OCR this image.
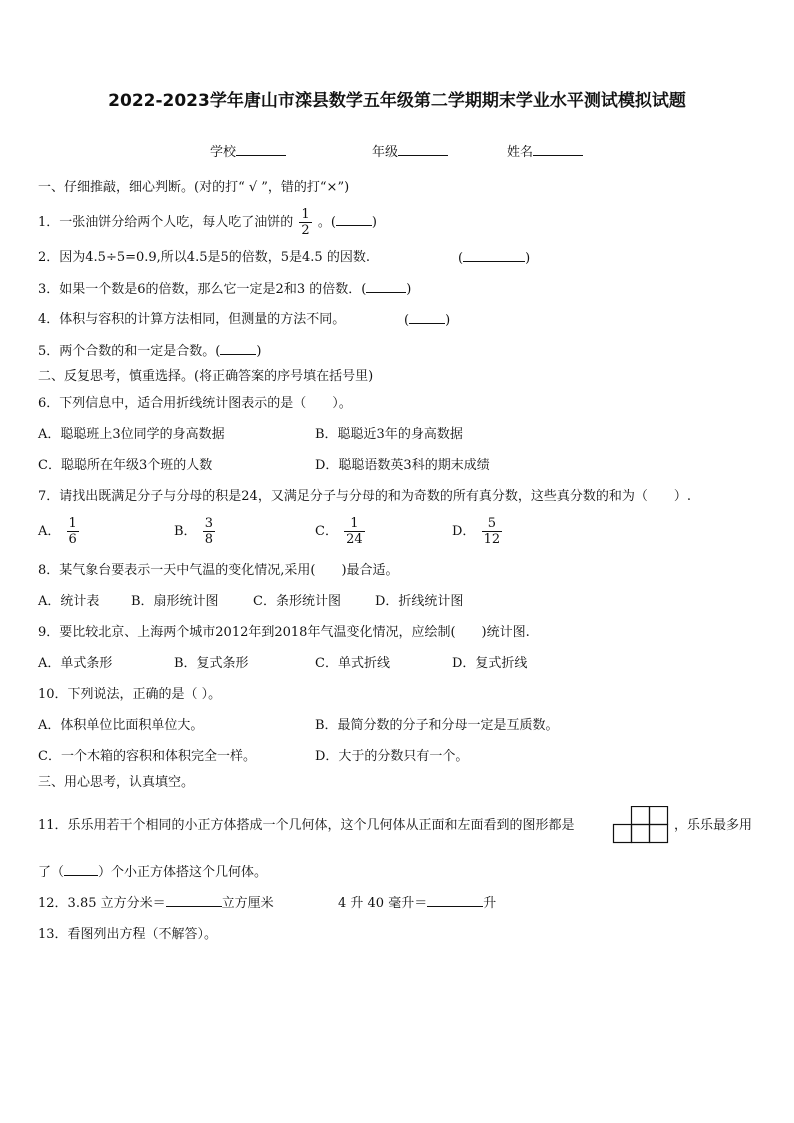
2022-2023学年唐山市滦县数学五年级第二学期期末学业水平测试模拟试题
学校	年级	姓名
一、仔细推敲，细心判断。(对的打“ √ ”，错的打“×”)
1．一张油饼分给两个人吃，每人吃了油饼的 $\frac{1}{2}$ 。(	)
2．因为4.5÷5=0.9,所以4.5是5的倍数，5是4.5 的因数.	(	)
3．如果一个数是6的倍数，那么它一定是2和3 的倍数．(	)
4．体积与容积的计算方法相同，但测量的方法不同。	(	)
5．两个合数的和一定是合数。(	)
二、反复思考，慎重选择。(将正确答案的序号填在括号里)
6．下列信息中，适合用折线统计图表示的是（　　）。
A．聪聪班上3位同学的身高数据	B．聪聪近3年的身高数据
C．聪聪所在年级3个班的人数	D．聪聪语数英3科的期末成绩
7．请找出既满足分子与分母的积是24，又满足分子与分母的和为奇数的所有真分数，这些真分数的和为（　　）.
A． $\frac{1}{6}$	B． $\frac{3}{8}$	C． $\frac{1}{24}$	D． $\frac{5}{12}$
8．某气象台要表示一天中气温的变化情况,采用(　　)最合适。
A．统计表 B．扇形统计图	C．条形统计图	D．折线统计图
9．要比较北京、上海两个城市2012年到2018年气温变化情况，应绘制(　　)统计图.
A．单式条形	B．复式条形	C．单式折线	D．复式折线
10．下列说法，正确的是（ ）。
A．体积单位比面积单位大。	B．最简分数的分子和分母一定是互质数。
C．一个木箱的容积和体积完全一样。	D．大于的分数只有一个。
三、用心思考，认真填空。
11．乐乐用若干个相同的小正方体搭成一个几何体，这个几何体从正面和左面看到的图形都是	，乐乐最多用
了（	）个小正方体搭这个几何体。
12．3.85 立方分米＝	立方厘米	4 升 40 毫升＝	升
13．看图列出方程（不解答）。
